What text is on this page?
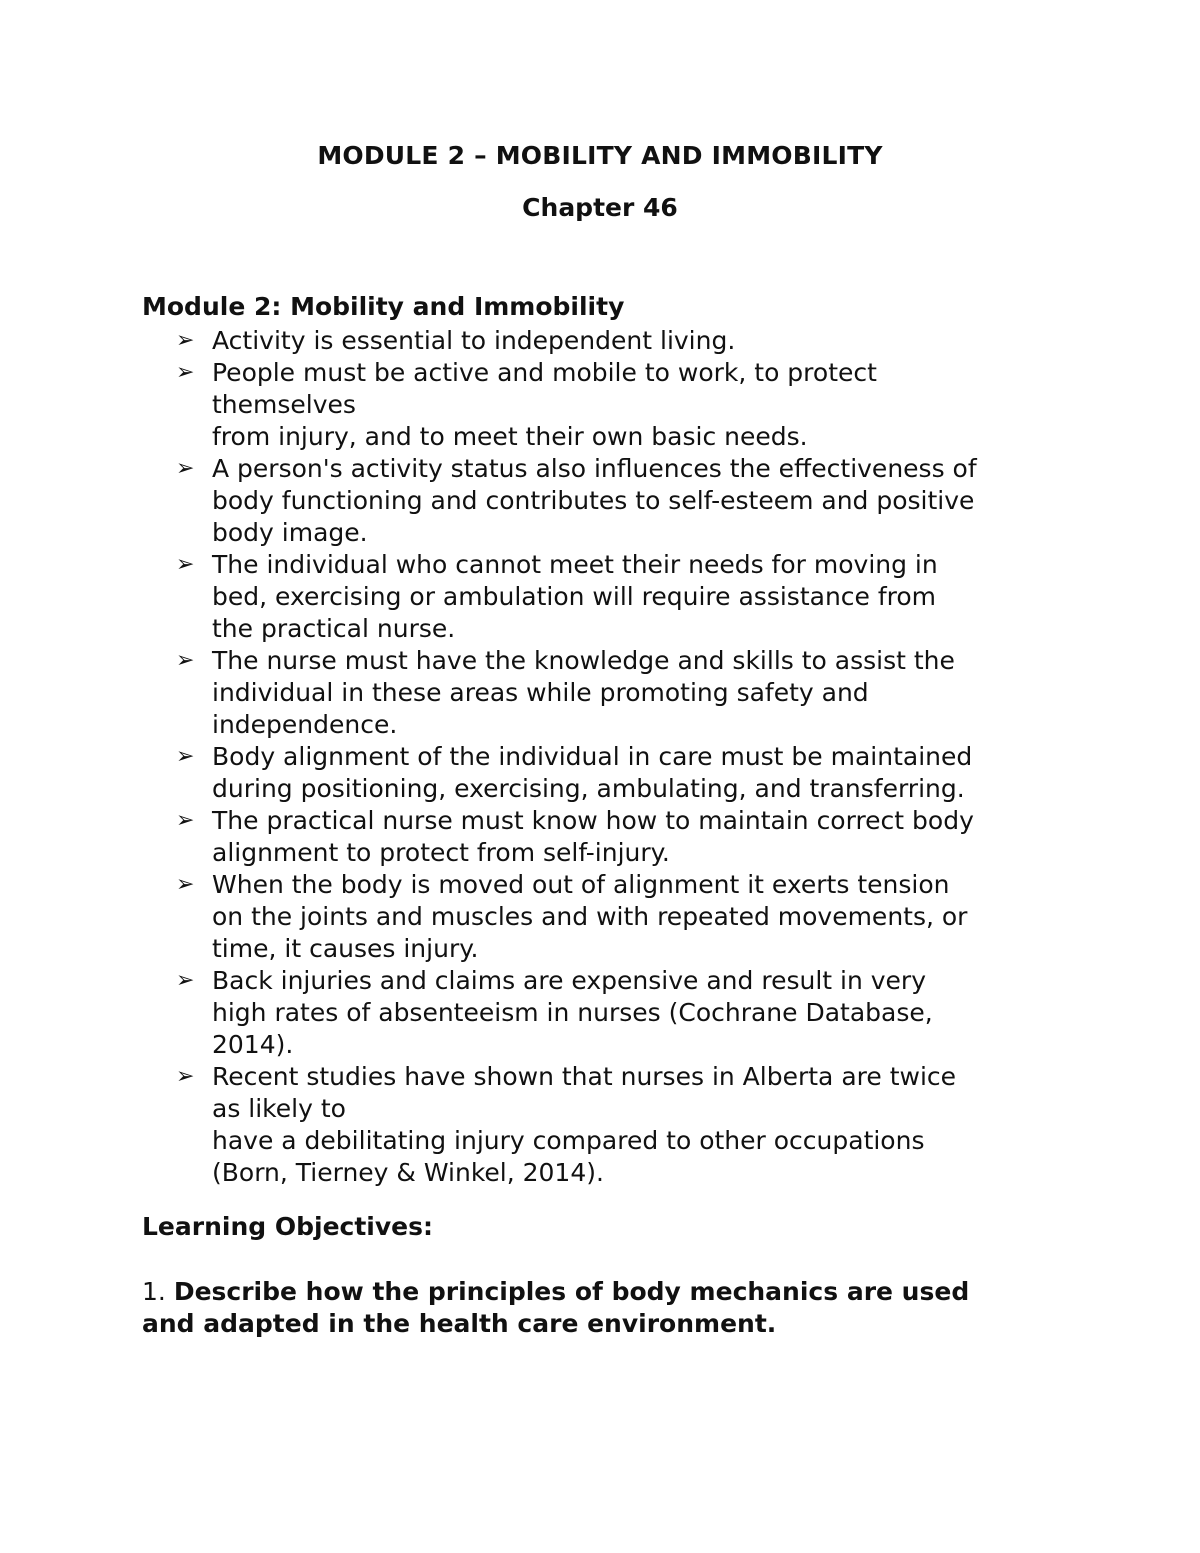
MODULE 2 – MOBILITY AND IMMOBILITY
Chapter 46
Module 2: Mobility and Immobility
➢ Activity is essential to independent living.
➢ People must be active and mobile to work, to protect
themselves
from injury, and to meet their own basic needs.
➢ A person's activity status also influences the effectiveness of
body functioning and contributes to self-esteem and positive
body image.
➢ The individual who cannot meet their needs for moving in
bed, exercising or ambulation will require assistance from
the practical nurse.
➢ The nurse must have the knowledge and skills to assist the
individual in these areas while promoting safety and
independence.
➢ Body alignment of the individual in care must be maintained
during positioning, exercising, ambulating, and transferring.
➢ The practical nurse must know how to maintain correct body
alignment to protect from self-injury.
➢ When the body is moved out of alignment it exerts tension
on the joints and muscles and with repeated movements, or
time, it causes injury.
➢ Back injuries and claims are expensive and result in very
high rates of absenteeism in nurses (Cochrane Database,
2014).
➢ Recent studies have shown that nurses in Alberta are twice
as likely to
have a debilitating injury compared to other occupations
(Born, Tierney & Winkel, 2014).
Learning Objectives:

1. Describe how the principles of body mechanics are used
and adapted in the health care environment.
